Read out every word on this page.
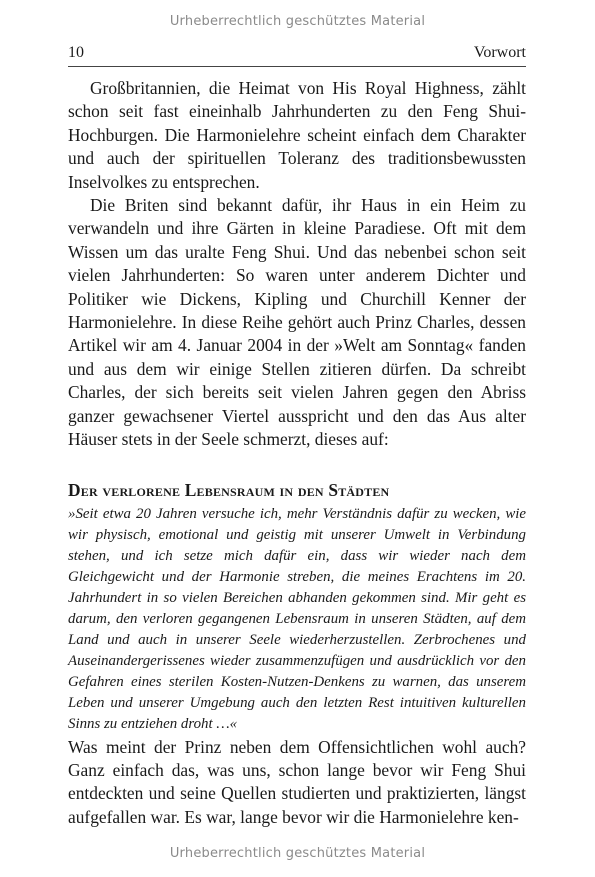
Urheberrechtlich geschütztes Material
10	Vorwort

Großbritannien, die Heimat von His Royal Highness, zählt schon seit fast eineinhalb Jahrhunderten zu den Feng Shui-Hochburgen. Die Harmonielehre scheint einfach dem Charakter und auch der spirituellen Toleranz des traditionsbewussten Inselvolkes zu entsprechen.

Die Briten sind bekannt dafür, ihr Haus in ein Heim zu verwandeln und ihre Gärten in kleine Paradiese. Oft mit dem Wissen um das uralte Feng Shui. Und das nebenbei schon seit vielen Jahrhunderten: So waren unter anderem Dichter und Politiker wie Dickens, Kipling und Churchill Kenner der Harmonielehre. In diese Reihe gehört auch Prinz Charles, dessen Artikel wir am 4. Januar 2004 in der »Welt am Sonntag« fanden und aus dem wir einige Stellen zitieren dürfen. Da schreibt Charles, der sich bereits seit vielen Jahren gegen den Abriss ganzer gewachsener Viertel ausspricht und den das Aus alter Häuser stets in der Seele schmerzt, dieses auf:

Der verlorene Lebensraum in den Städten

»Seit etwa 20 Jahren versuche ich, mehr Verständnis dafür zu wecken, wie wir physisch, emotional und geistig mit unserer Umwelt in Verbindung stehen, und ich setze mich dafür ein, dass wir wieder nach dem Gleichgewicht und der Harmonie streben, die meines Erachtens im 20. Jahrhundert in so vielen Bereichen abhanden gekommen sind. Mir geht es darum, den verloren gegangenen Lebensraum in unseren Städten, auf dem Land und auch in unserer Seele wiederherzustellen. Zerbrochenes und Auseinandergerissenes wieder zusammenzufügen und ausdrücklich vor den Gefahren eines sterilen Kosten-Nutzen-Denkens zu warnen, das unserem Leben und unserer Umgebung auch den letzten Rest intuitiven kulturellen Sinns zu entziehen droht …«

Was meint der Prinz neben dem Offensichtlichen wohl auch? Ganz einfach das, was uns, schon lange bevor wir Feng Shui entdeckten und seine Quellen studierten und praktizierten, längst aufgefallen war. Es war, lange bevor wir die Harmonielehre ken-

Urheberrechtlich geschütztes Material
